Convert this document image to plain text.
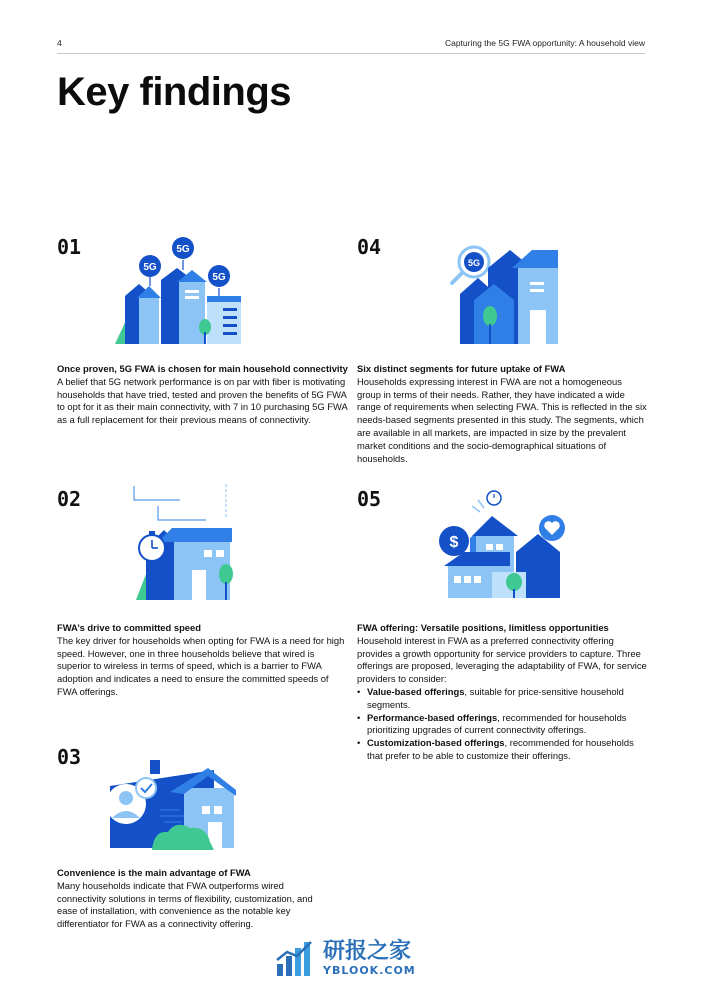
4	Capturing the 5G FWA opportunity: A household view
Key findings
01
5G
5G
5G
Once proven, 5G FWA is chosen for main household connectivity

A belief that 5G network performance is on par with fiber is motivating households that have tried, tested and proven the benefits of 5G FWA to opt for it as their main connectivity, with 7 in 10 purchasing 5G FWA as a full replacement for their previous means of connectivity.

04
5G
Six distinct segments for future uptake of FWA

Households expressing interest in FWA are not a homogeneous group in terms of their needs. Rather, they have indicated a wide range of requirements when selecting FWA. This is reflected in the six needs-based segments presented in this study. The segments, which are available in all markets, are impacted in size by the prevalent market conditions and the socio-demographical situations of households.

02
FWA’s drive to committed speed

The key driver for households when opting for FWA is a need for high speed. However, one in three households believe that wired is superior to wireless in terms of speed, which is a barrier to FWA adoption and indicates a need to ensure the committed speeds of FWA offerings.

05
$
FWA offering: Versatile positions, limitless opportunities

Household interest in FWA as a preferred connectivity offering provides a growth opportunity for service providers to capture. Three offerings are proposed, leveraging the adaptability of FWA, for service providers to consider:

• Value-based offerings, suitable for price-sensitive household segments.
• Performance-based offerings, recommended for households prioritizing upgrades of current connectivity offerings.
• Customization-based offerings, recommended for households that prefer to be able to customize their offerings.
03
Convenience is the main advantage of FWA

Many households indicate that FWA outperforms wired connectivity solutions in terms of flexibility, customization, and ease of installation, with convenience as the notable key differentiator for FWA as a connectivity offering.

研报之家
YBLOOK.COM
